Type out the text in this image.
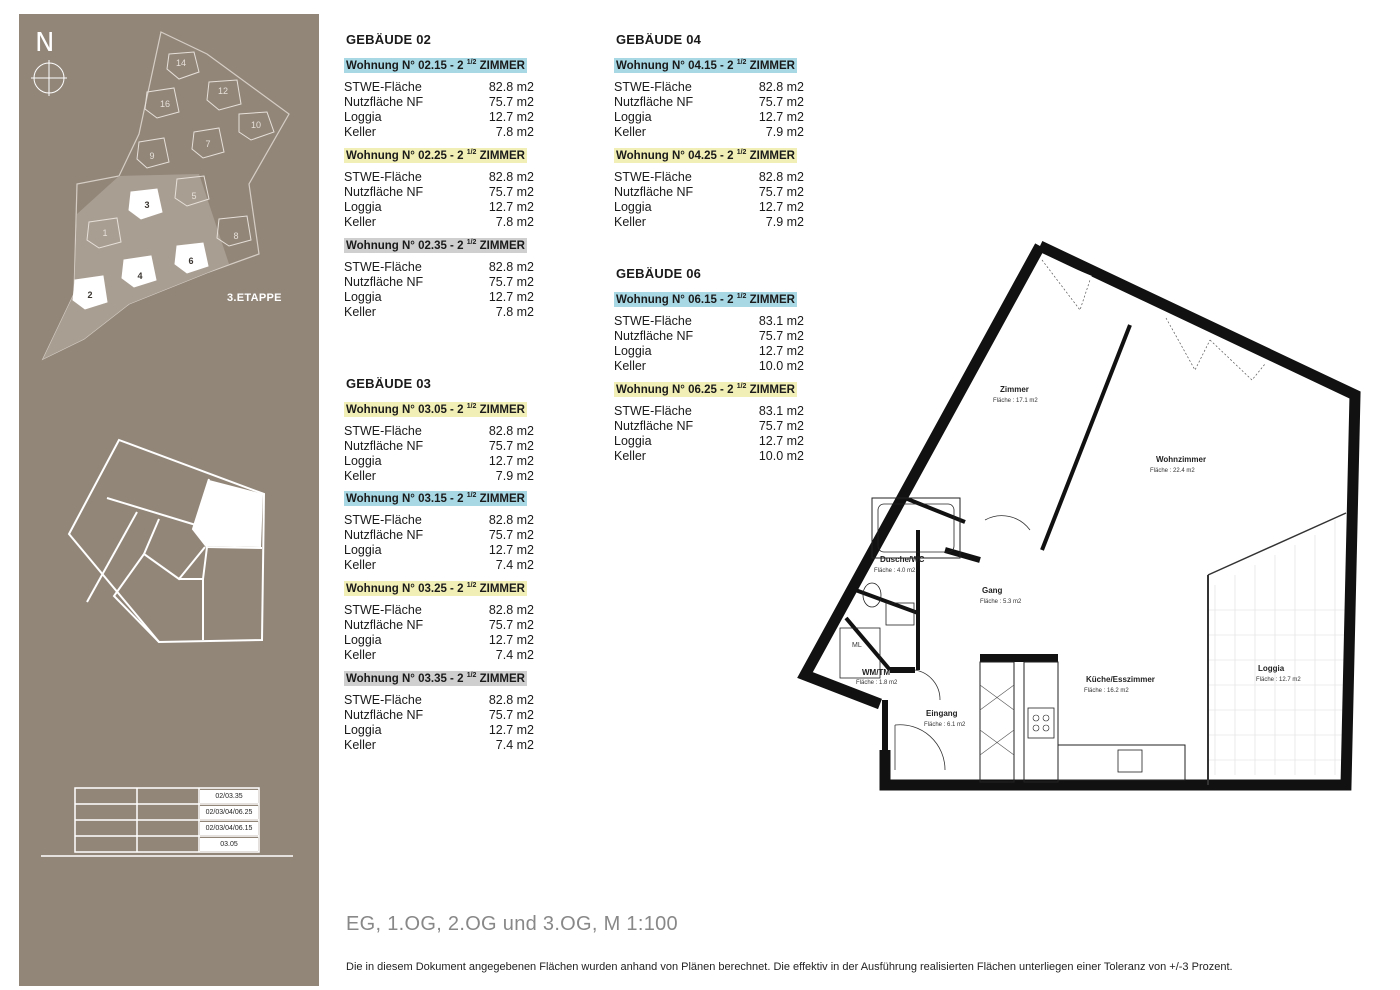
N
14
12
16
10
9
7
3
5
1	8
6
4
2
02/03.35
02/03/04/06.25
02/03/04/06.15
03.05
3.ETAPPE
GEBÄUDE 02
Wohnung N° 02.15 - 2 $^{1/2}$ ZIMMER
STWE-Fläche	82.8 m2
Nutzfläche NF	75.7 m2
Loggia	12.7 m2
Keller	7.8 m2
Wohnung N° 02.25 - 2 $^{1/2}$ ZIMMER
STWE-Fläche	82.8 m2
Nutzfläche NF	75.7 m2
Loggia	12.7 m2
Keller	7.8 m2
Wohnung N° 02.35 - 2 $^{1/2}$ ZIMMER
STWE-Fläche	82.8 m2
Nutzfläche NF	75.7 m2
Loggia	12.7 m2
Keller	7.8 m2
GEBÄUDE 03
Wohnung N° 03.05 - 2 $^{1/2}$ ZIMMER
STWE-Fläche	82.8 m2
Nutzfläche NF	75.7 m2
Loggia	12.7 m2
Keller	7.9 m2
Wohnung N° 03.15 - 2 $^{1/2}$ ZIMMER
STWE-Fläche	82.8 m2
Nutzfläche NF	75.7 m2
Loggia	12.7 m2
Keller	7.4 m2
Wohnung N° 03.25 - 2 $^{1/2}$ ZIMMER
STWE-Fläche	82.8 m2
Nutzfläche NF	75.7 m2
Loggia	12.7 m2
Keller	7.4 m2
Wohnung N° 03.35 - 2 $^{1/2}$ ZIMMER
STWE-Fläche	82.8 m2
Nutzfläche NF	75.7 m2
Loggia	12.7 m2
Keller	7.4 m2
GEBÄUDE 04
Wohnung N° 04.15 - 2 $^{1/2}$ ZIMMER
STWE-Fläche	82.8 m2
Nutzfläche NF	75.7 m2
Loggia	12.7 m2
Keller	7.9 m2
Wohnung N° 04.25 - 2 $^{1/2}$ ZIMMER
STWE-Fläche	82.8 m2
Nutzfläche NF	75.7 m2
Loggia	12.7 m2
Keller	7.9 m2
GEBÄUDE 06
Wohnung N° 06.15 - 2 $^{1/2}$ ZIMMER
STWE-Fläche	83.1 m2
Nutzfläche NF	75.7 m2
Loggia	12.7 m2
Keller	10.0 m2
Wohnung N° 06.25 - 2 $^{1/2}$ ZIMMER
STWE-Fläche	83.1 m2
Nutzfläche NF	75.7 m2
Loggia	12.7 m2
Keller	10.0 m2
Zimmer
Fläche : 17.1 m2
Wohnzimmer
Fläche : 22.4 m2
Dusche/WC
Fläche : 4.0 m2
Gang
Fläche : 5.3 m2
ML
WM/TM
Fläche : 1.8 m2
Eingang
Fläche : 6.1 m2
Küche/Esszimmer
Fläche : 16.2 m2
Loggia
Fläche : 12.7 m2
EG, 1.OG, 2.OG und 3.OG, M 1:100
Die in diesem Dokument angegebenen Flächen wurden anhand von Plänen berechnet. Die effektiv in der Ausführung realisierten Flächen unterliegen einer Toleranz von +/-3 Prozent.
